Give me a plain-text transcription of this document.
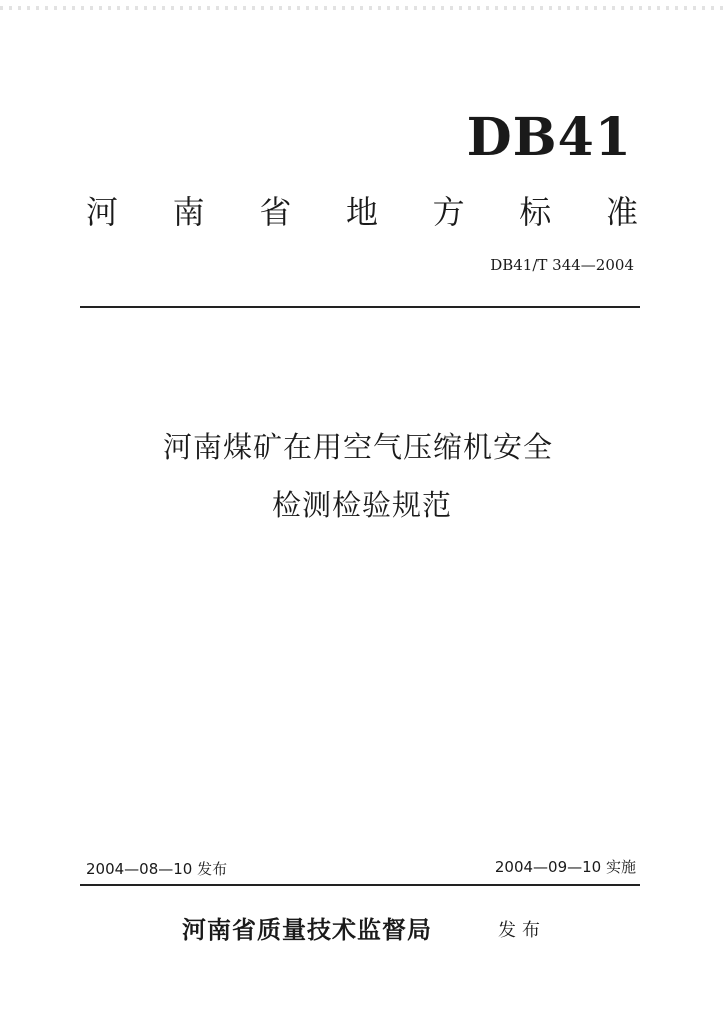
DB41
河 南 省 地 方 标 准
DB41/T 344—2004
河南煤矿在用空气压缩机安全
检测检验规范
2004—08—10 发布	2004—09—10 实施
河南省质量技术监督局	发布
